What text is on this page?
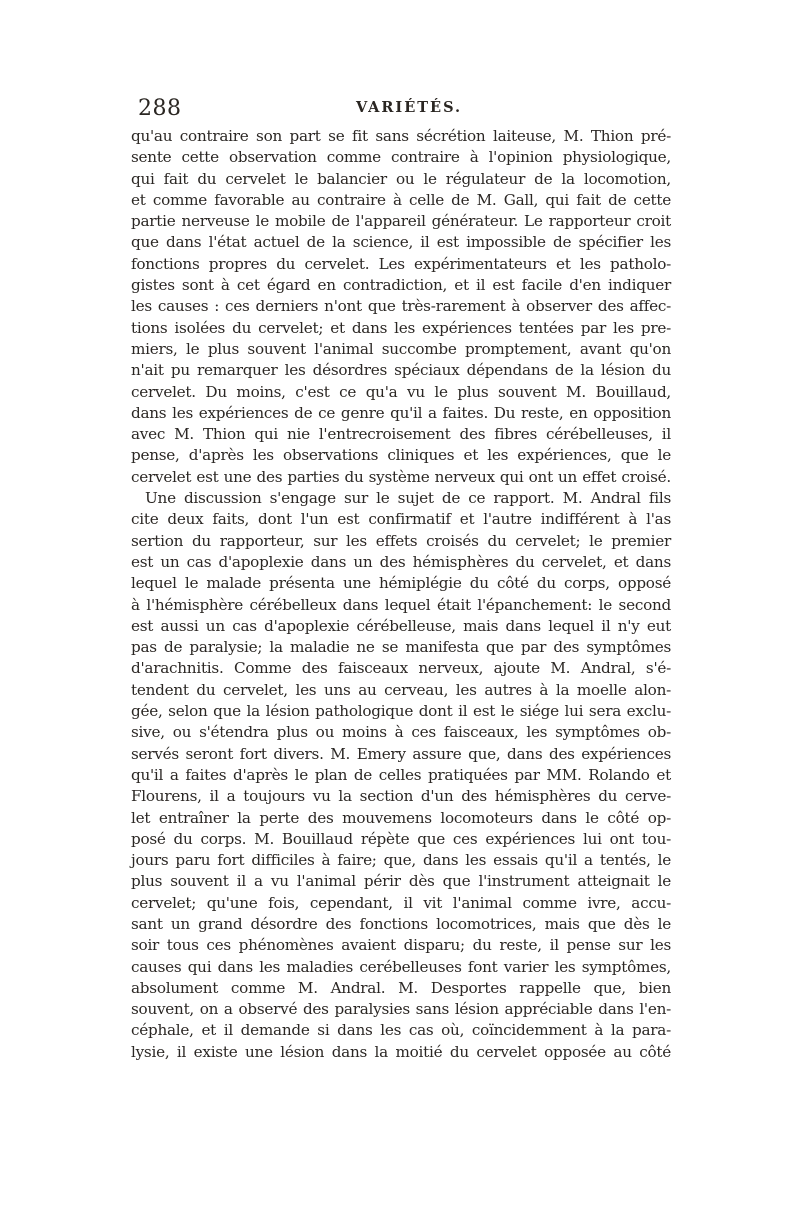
288	VARIÉTÉS.
qu'au contraire son part se fit sans sécrétion laiteuse, M. Thion pré-
sente cette observation comme contraire à l'opinion physiologique,
qui fait du cervelet le balancier ou le régulateur de la locomotion,
et comme favorable au contraire à celle de M. Gall, qui fait de cette
partie nerveuse le mobile de l'appareil générateur. Le rapporteur croit
que dans l'état actuel de la science, il est impossible de spécifier les
fonctions propres du cervelet. Les expérimentateurs et les patholo-
gistes sont à cet égard en contradiction, et il est facile d'en indiquer
les causes : ces derniers n'ont que très-rarement à observer des affec-
tions isolées du cervelet; et dans les expériences tentées par les pre-
miers, le plus souvent l'animal succombe promptement, avant qu'on
n'ait pu remarquer les désordres spéciaux dépendans de la lésion du
cervelet. Du moins, c'est ce qu'a vu le plus souvent M. Bouillaud,
dans les expériences de ce genre qu'il a faites. Du reste, en opposition
avec M. Thion qui nie l'entrecroisement des fibres cérébelleuses, il
pense, d'après les observations cliniques et les expériences, que le
cervelet est une des parties du système nerveux qui ont un effet croisé.
Une discussion s'engage sur le sujet de ce rapport. M. Andral fils
cite deux faits, dont l'un est confirmatif et l'autre indifférent à l'as
sertion du rapporteur, sur les effets croisés du cervelet; le premier
est un cas d'apoplexie dans un des hémisphères du cervelet, et dans
lequel le malade présenta une hémiplégie du côté du corps, opposé
à l'hémisphère cérébelleux dans lequel était l'épanchement: le second
est aussi un cas d'apoplexie cérébelleuse, mais dans lequel il n'y eut
pas de paralysie; la maladie ne se manifesta que par des symptômes
d'arachnitis. Comme des faisceaux nerveux, ajoute M. Andral, s'é-
tendent du cervelet, les uns au cerveau, les autres à la moelle alon-
gée, selon que la lésion pathologique dont il est le siége lui sera exclu-
sive, ou s'étendra plus ou moins à ces faisceaux, les symptômes ob-
servés seront fort divers. M. Emery assure que, dans des expériences
qu'il a faites d'après le plan de celles pratiquées par MM. Rolando et
Flourens, il a toujours vu la section d'un des hémisphères du cerve-
let entraîner la perte des mouvemens locomoteurs dans le côté op-
posé du corps. M. Bouillaud répète que ces expériences lui ont tou-
jours paru fort difficiles à faire; que, dans les essais qu'il a tentés, le
plus souvent il a vu l'animal périr dès que l'instrument atteignait le
cervelet; qu'une fois, cependant, il vit l'animal comme ivre, accu-
sant un grand désordre des fonctions locomotrices, mais que dès le
soir tous ces phénomènes avaient disparu; du reste, il pense sur les
causes qui dans les maladies cerébelleuses font varier les symptômes,
absolument comme M. Andral. M. Desportes rappelle que, bien
souvent, on a observé des paralysies sans lésion appréciable dans l'en-
céphale, et il demande si dans les cas où, coïncidemment à la para-
lysie, il existe une lésion dans la moitié du cervelet opposée au côté
